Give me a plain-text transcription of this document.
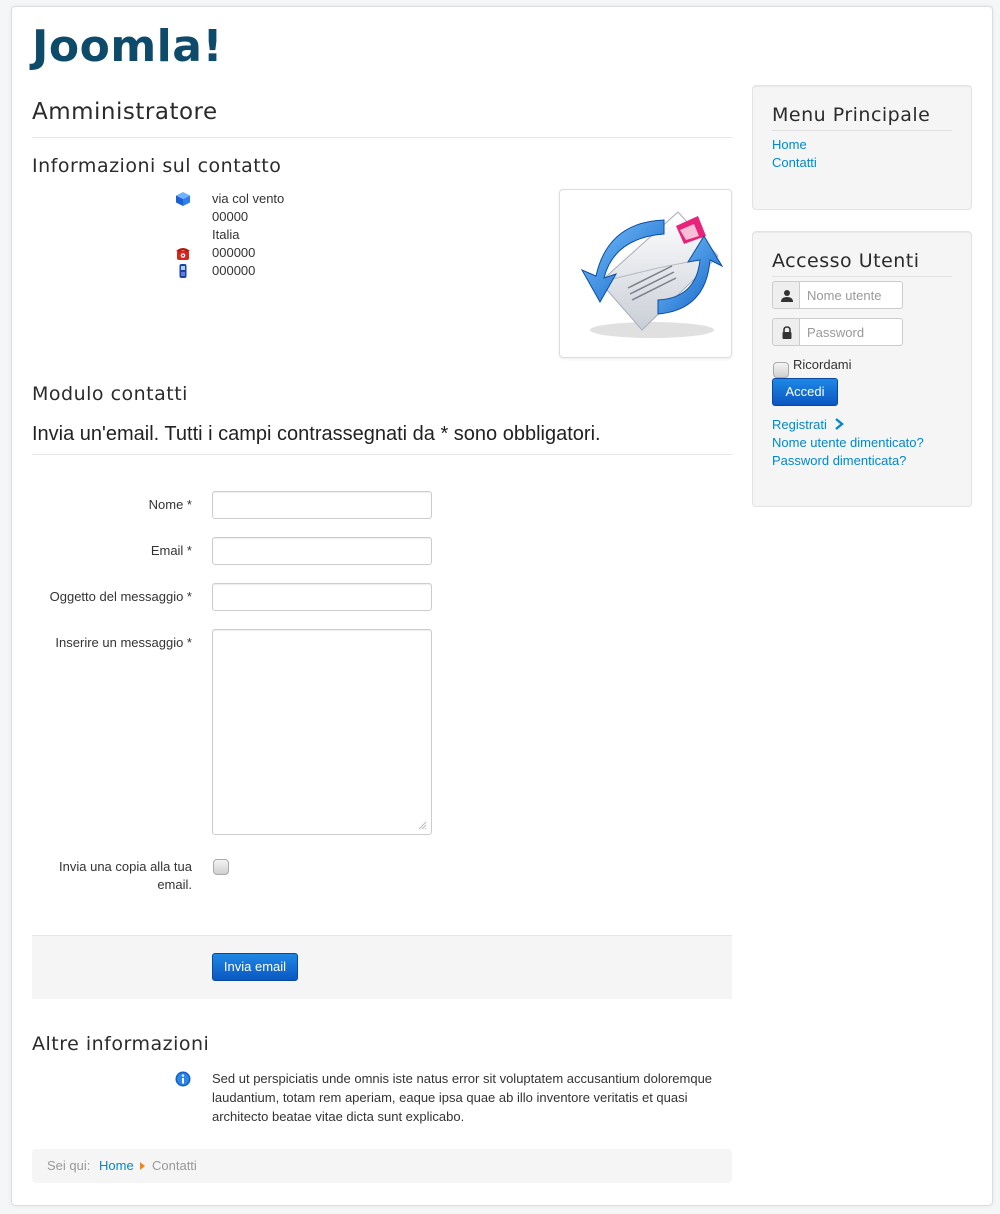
Joomla!
Amministratore
Informazioni sul contatto
via col vento
00000
Italia
000000
000000
Modulo contatti
Invia un'email. Tutti i campi contrassegnati da * sono obbligatori.
Nome *
Email *
Oggetto del messaggio *
Inserire un messaggio *
Invia una copia alla tua email.
Invia email
Altre informazioni
Sed ut perspiciatis unde omnis iste natus error sit voluptatem accusantium doloremque laudantium, totam rem aperiam, eaque ipsa quae ab illo inventore veritatis et quasi architecto beatae vitae dicta sunt explicabo.
Sei qui: Home Contatti
Menu Principale
Home
Contatti
Accesso Utenti
Nome utente
Ricordami
Accedi
Registrati
Nome utente dimenticato?
Password dimenticata?
